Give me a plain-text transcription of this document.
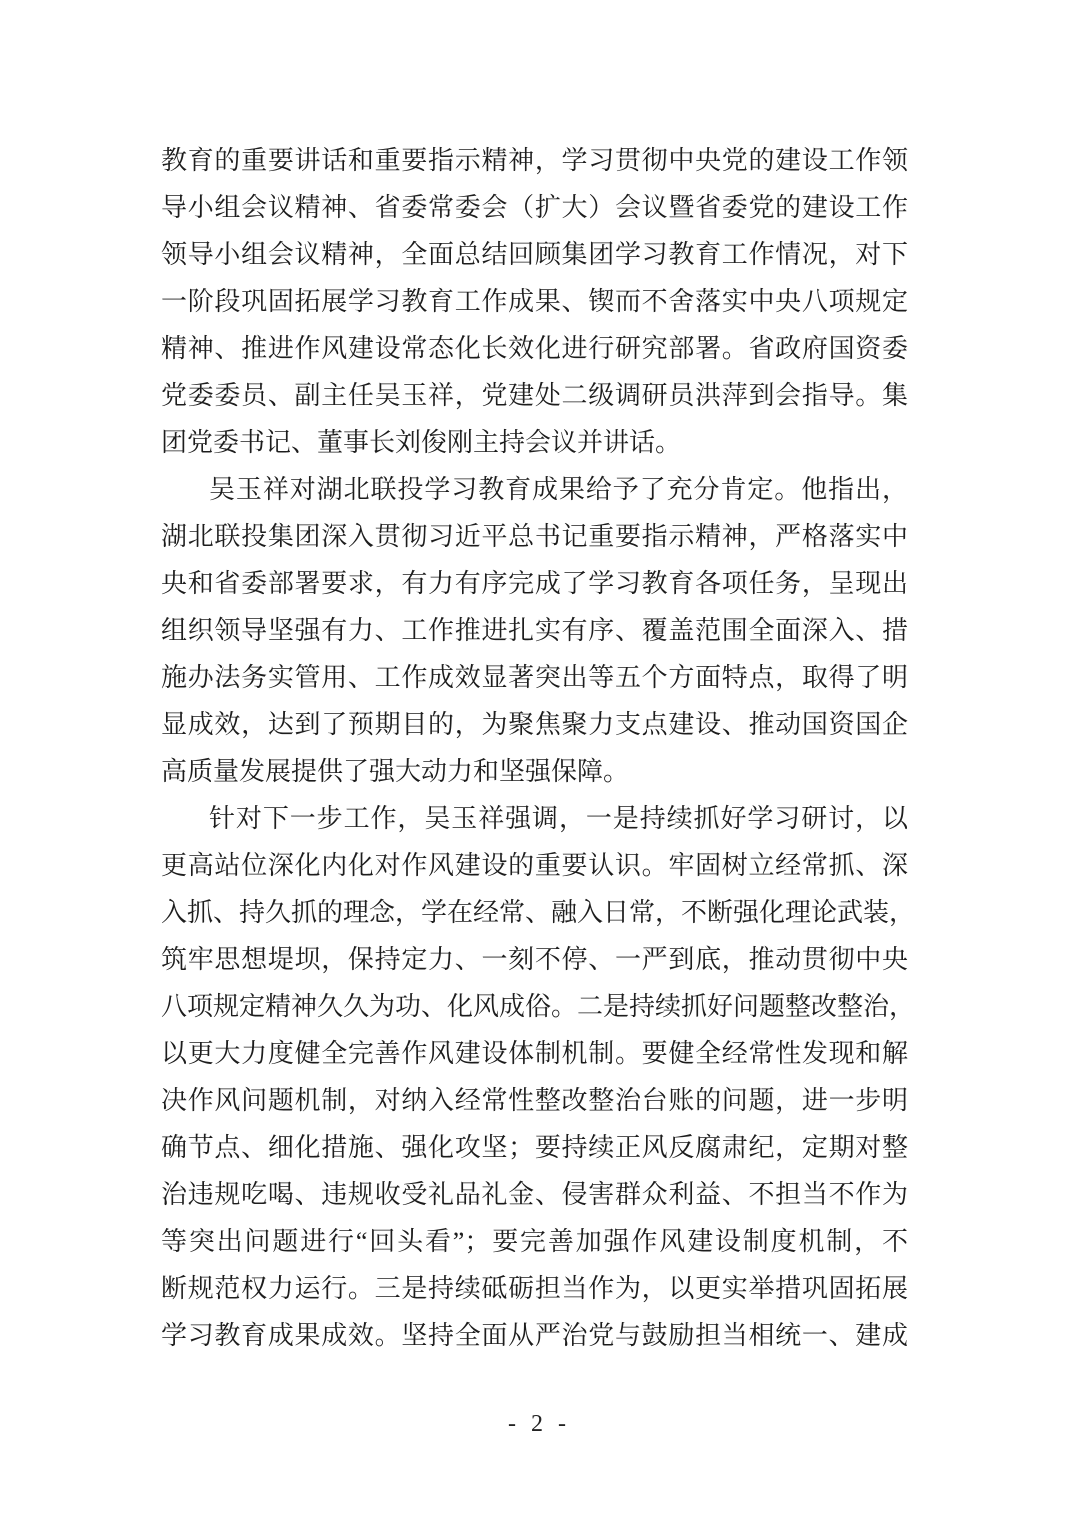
教育的重要讲话和重要指示精神，学习贯彻中央党的建设工作领
导小组会议精神、省委常委会（扩大）会议暨省委党的建设工作
领导小组会议精神，全面总结回顾集团学习教育工作情况，对下
一阶段巩固拓展学习教育工作成果、锲而不舍落实中央八项规定
精神、推进作风建设常态化长效化进行研究部署。省政府国资委
党委委员、副主任吴玉祥，党建处二级调研员洪萍到会指导。集
团党委书记、董事长刘俊刚主持会议并讲话。
吴玉祥对湖北联投学习教育成果给予了充分肯定。他指出，
湖北联投集团深入贯彻习近平总书记重要指示精神，严格落实中
央和省委部署要求，有力有序完成了学习教育各项任务，呈现出
组织领导坚强有力、工作推进扎实有序、覆盖范围全面深入、措
施办法务实管用、工作成效显著突出等五个方面特点，取得了明
显成效，达到了预期目的，为聚焦聚力支点建设、推动国资国企
高质量发展提供了强大动力和坚强保障。
针对下一步工作，吴玉祥强调，一是持续抓好学习研讨，以
更高站位深化内化对作风建设的重要认识。牢固树立经常抓、深
入抓、持久抓的理念，学在经常、融入日常，不断强化理论武装，
筑牢思想堤坝，保持定力、一刻不停、一严到底，推动贯彻中央
八项规定精神久久为功、化风成俗。二是持续抓好问题整改整治，
以更大力度健全完善作风建设体制机制。要健全经常性发现和解
决作风问题机制，对纳入经常性整改整治台账的问题，进一步明
确节点、细化措施、强化攻坚；要持续正风反腐肃纪，定期对整
治违规吃喝、违规收受礼品礼金、侵害群众利益、不担当不作为
等突出问题进行“回头看”；要完善加强作风建设制度机制，不
断规范权力运行。三是持续砥砺担当作为，以更实举措巩固拓展
学习教育成果成效。坚持全面从严治党与鼓励担当相统一、建成
- 2 -
